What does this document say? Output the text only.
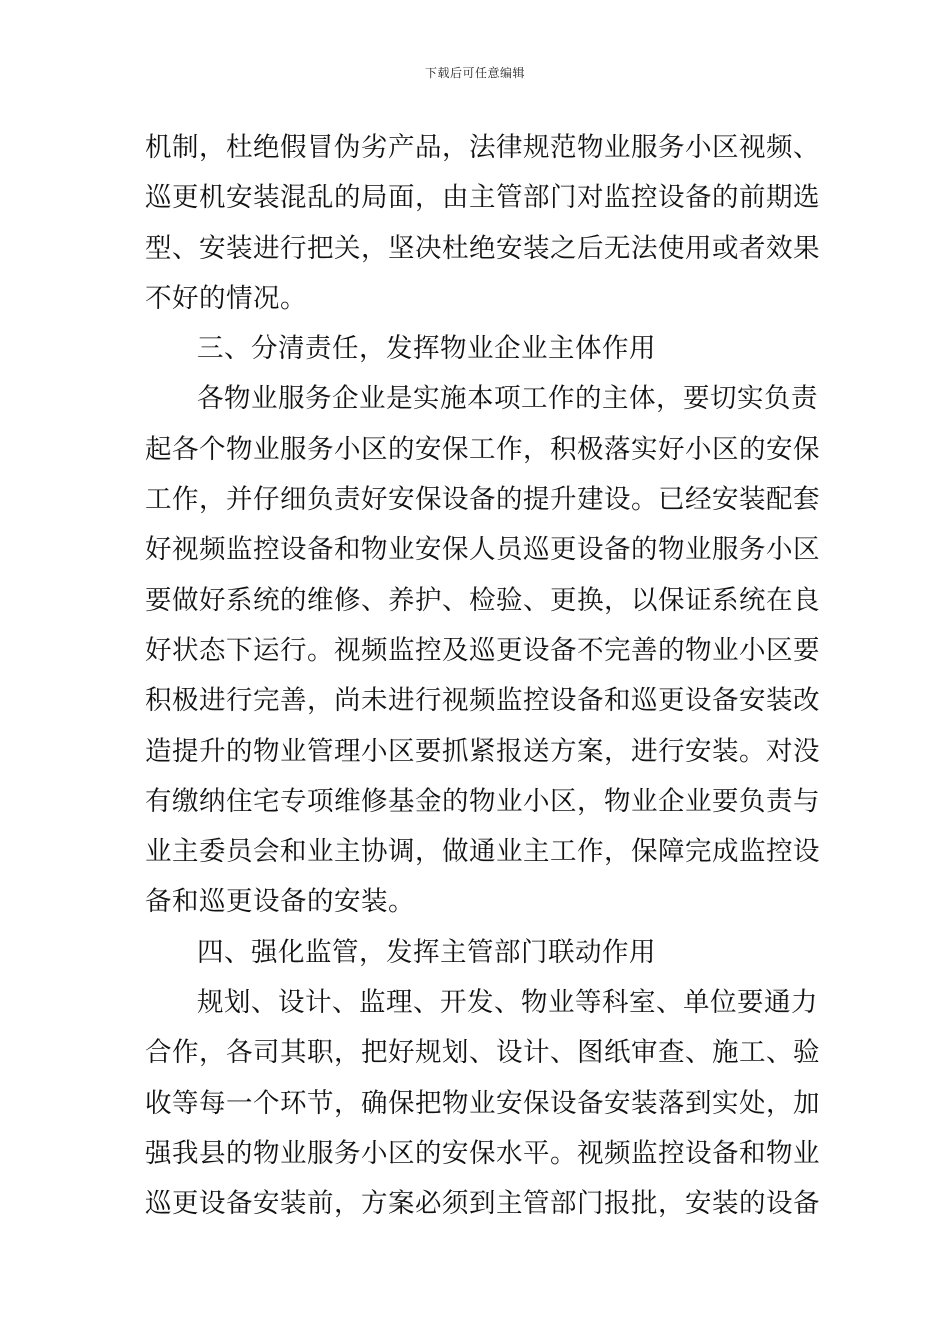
下载后可任意编辑
机制，杜绝假冒伪劣产品，法律规范物业服务小区视频、
巡更机安装混乱的局面，由主管部门对监控设备的前期选
型、安装进行把关，坚决杜绝安装之后无法使用或者效果
不好的情况。
三、分清责任，发挥物业企业主体作用
各物业服务企业是实施本项工作的主体，要切实负责
起各个物业服务小区的安保工作，积极落实好小区的安保
工作，并仔细负责好安保设备的提升建设。已经安装配套
好视频监控设备和物业安保人员巡更设备的物业服务小区
要做好系统的维修、养护、检验、更换，以保证系统在良
好状态下运行。视频监控及巡更设备不完善的物业小区要
积极进行完善，尚未进行视频监控设备和巡更设备安装改
造提升的物业管理小区要抓紧报送方案，进行安装。对没
有缴纳住宅专项维修基金的物业小区，物业企业要负责与
业主委员会和业主协调，做通业主工作，保障完成监控设
备和巡更设备的安装。
四、强化监管，发挥主管部门联动作用
规划、设计、监理、开发、物业等科室、单位要通力
合作，各司其职，把好规划、设计、图纸审查、施工、验
收等每一个环节，确保把物业安保设备安装落到实处，加
强我县的物业服务小区的安保水平。视频监控设备和物业
巡更设备安装前，方案必须到主管部门报批，安装的设备
